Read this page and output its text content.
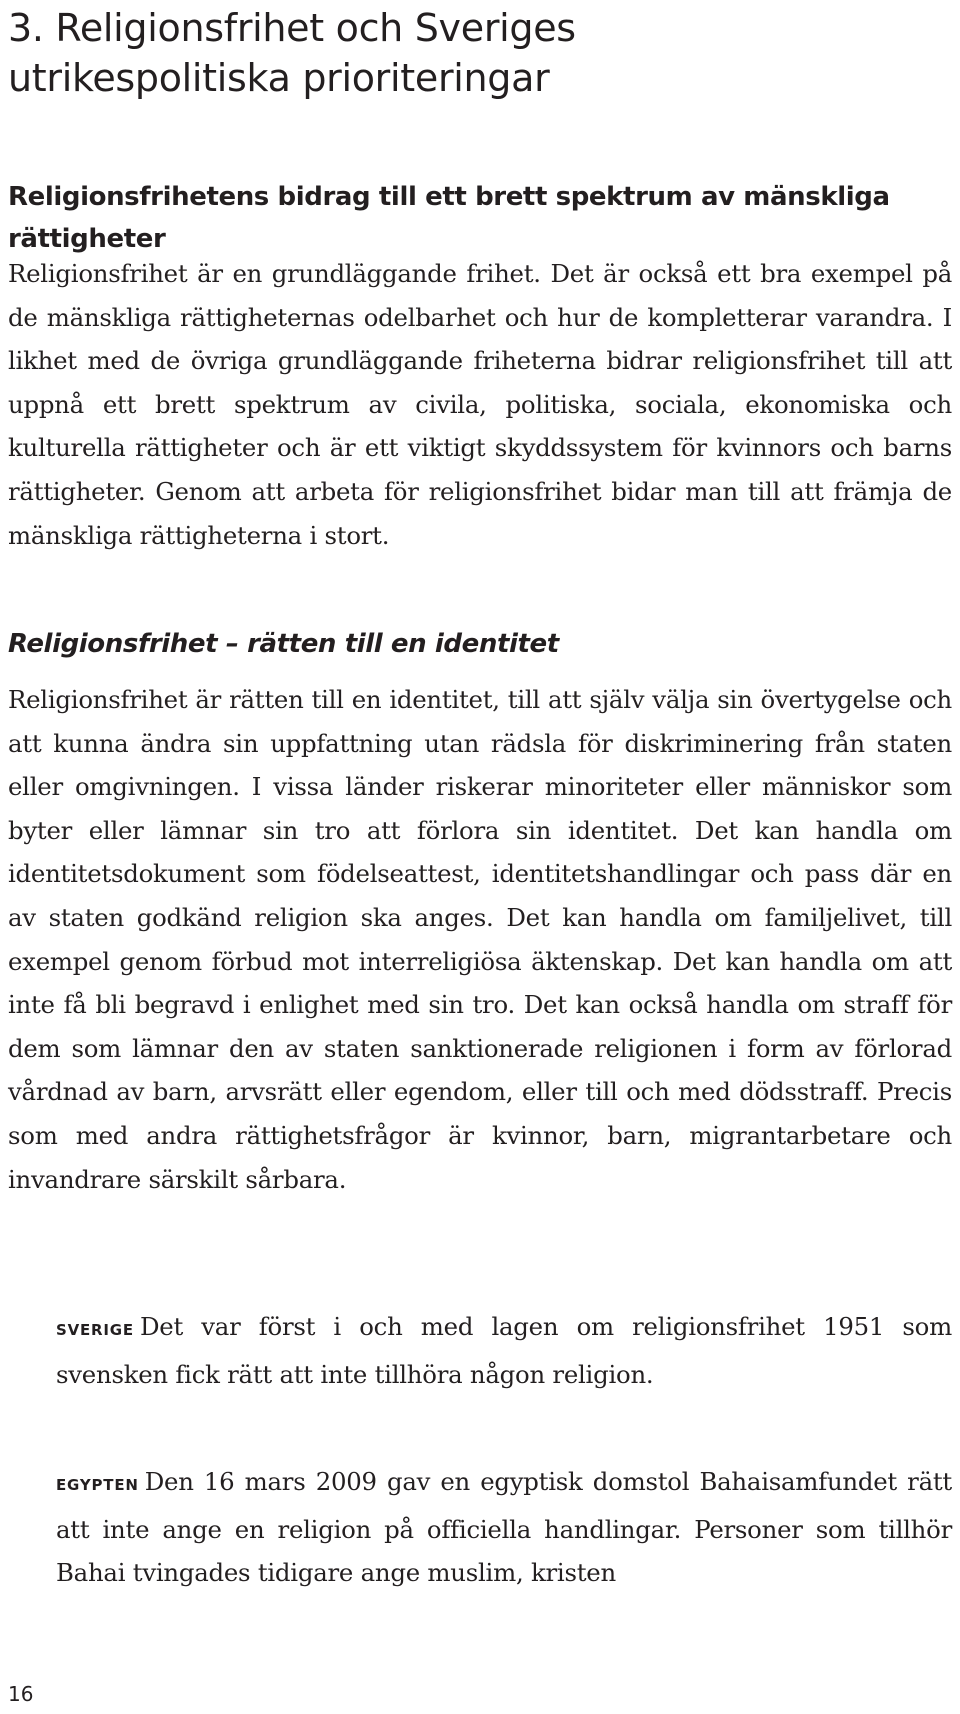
3. Religionsfrihet och Sveriges
utrikespolitiska prioriteringar
Religionsfrihetens bidrag till ett brett spektrum av mänskliga rättigheter

Religionsfrihet är en grundläggande frihet. Det är också ett bra exempel på de mänskliga rättigheternas odelbarhet och hur de kompletterar varandra. I likhet med de övriga grundläggande friheterna bidrar religionsfrihet till att uppnå ett brett spektrum av civila, politiska, sociala, ekonomiska och kulturella rättigheter och är ett viktigt skyddssystem för kvinnors och barns rättigheter. Genom att arbeta för religionsfrihet bidar man till att främja de mänskliga rättigheterna i stort.

Religionsfrihet – rätten till en identitet

Religionsfrihet är rätten till en identitet, till att själv välja sin övertygelse och att kunna ändra sin uppfattning utan rädsla för diskriminering från staten eller omgivningen. I vissa länder riskerar minoriteter eller människor som byter eller lämnar sin tro att förlora sin identitet. Det kan handla om identitetsdokument som födelseattest, identitetshandlingar och pass där en av staten godkänd religion ska anges. Det kan handla om familjelivet, till exempel genom förbud mot interreligiösa äktenskap. Det kan handla om att inte få bli begravd i enlighet med sin tro. Det kan också handla om straff för dem som lämnar den av staten sanktionerade religionen i form av förlorad vårdnad av barn, arvsrätt eller egendom, eller till och med dödsstraff. Precis som med andra rättighetsfrågor är kvinnor, barn, migrantarbetare och invandrare särskilt sårbara.

SVERIGE Det var först i och med lagen om religionsfrihet 1951 som svensken fick rätt att inte tillhöra någon religion.

EGYPTEN Den 16 mars 2009 gav en egyptisk domstol Bahaisamfundet rätt att inte ange en religion på officiella handlingar. Personer som tillhör Bahai tvingades tidigare ange muslim, kristen

16
